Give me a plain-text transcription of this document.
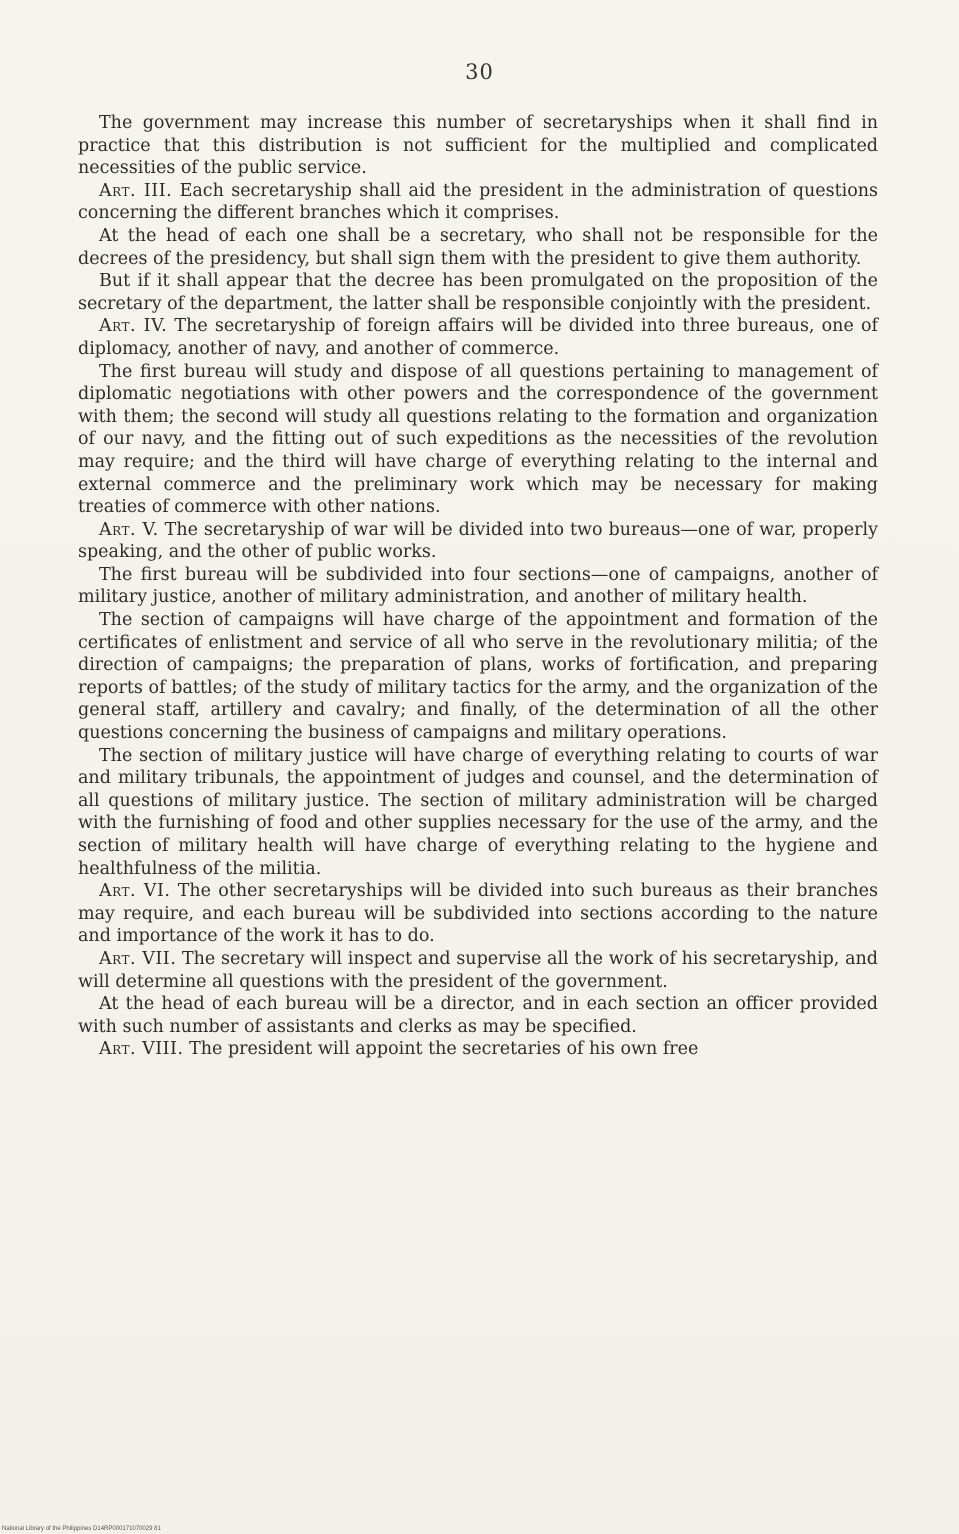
30

The government may increase this number of secretaryships when it shall find in practice that this distribution is not sufficient for the multiplied and complicated necessities of the public service.

Art. III. Each secretaryship shall aid the president in the administration of questions concerning the different branches which it comprises.

At the head of each one shall be a secretary, who shall not be responsible for the decrees of the presidency, but shall sign them with the president to give them authority.

But if it shall appear that the decree has been promulgated on the proposition of the secretary of the department, the latter shall be responsible conjointly with the president.

Art. IV. The secretaryship of foreign affairs will be divided into three bureaus, one of diplomacy, another of navy, and another of commerce.

The first bureau will study and dispose of all questions pertaining to management of diplomatic negotiations with other powers and the correspondence of the government with them; the second will study all questions relating to the formation and organization of our navy, and the fitting out of such expeditions as the necessities of the revolution may require; and the third will have charge of everything relating to the internal and external commerce and the preliminary work which may be necessary for making treaties of commerce with other nations.

Art. V. The secretaryship of war will be divided into two bureaus—one of war, properly speaking, and the other of public works.

The first bureau will be subdivided into four sections—one of campaigns, another of military justice, another of military administration, and another of military health.

The section of campaigns will have charge of the appointment and formation of the certificates of enlistment and service of all who serve in the revolutionary militia; of the direction of campaigns; the preparation of plans, works of fortification, and preparing reports of battles; of the study of military tactics for the army, and the organization of the general staff, artillery and cavalry; and finally, of the determination of all the other questions concerning the business of campaigns and military operations.

The section of military justice will have charge of everything relating to courts of war and military tribunals, the appointment of judges and counsel, and the determination of all questions of military justice. The section of military administration will be charged with the furnishing of food and other supplies necessary for the use of the army, and the section of military health will have charge of everything relating to the hygiene and healthfulness of the militia.

Art. VI. The other secretaryships will be divided into such bureaus as their branches may require, and each bureau will be subdivided into sections according to the nature and importance of the work it has to do.

Art. VII. The secretary will inspect and supervise all the work of his secretaryship, and will determine all questions with the president of the government.

At the head of each bureau will be a director, and in each section an officer provided with such number of assistants and clerks as may be specified.

Art. VIII. The president will appoint the secretaries of his own free

National Library of the Philippines D14RP000171070029 81
